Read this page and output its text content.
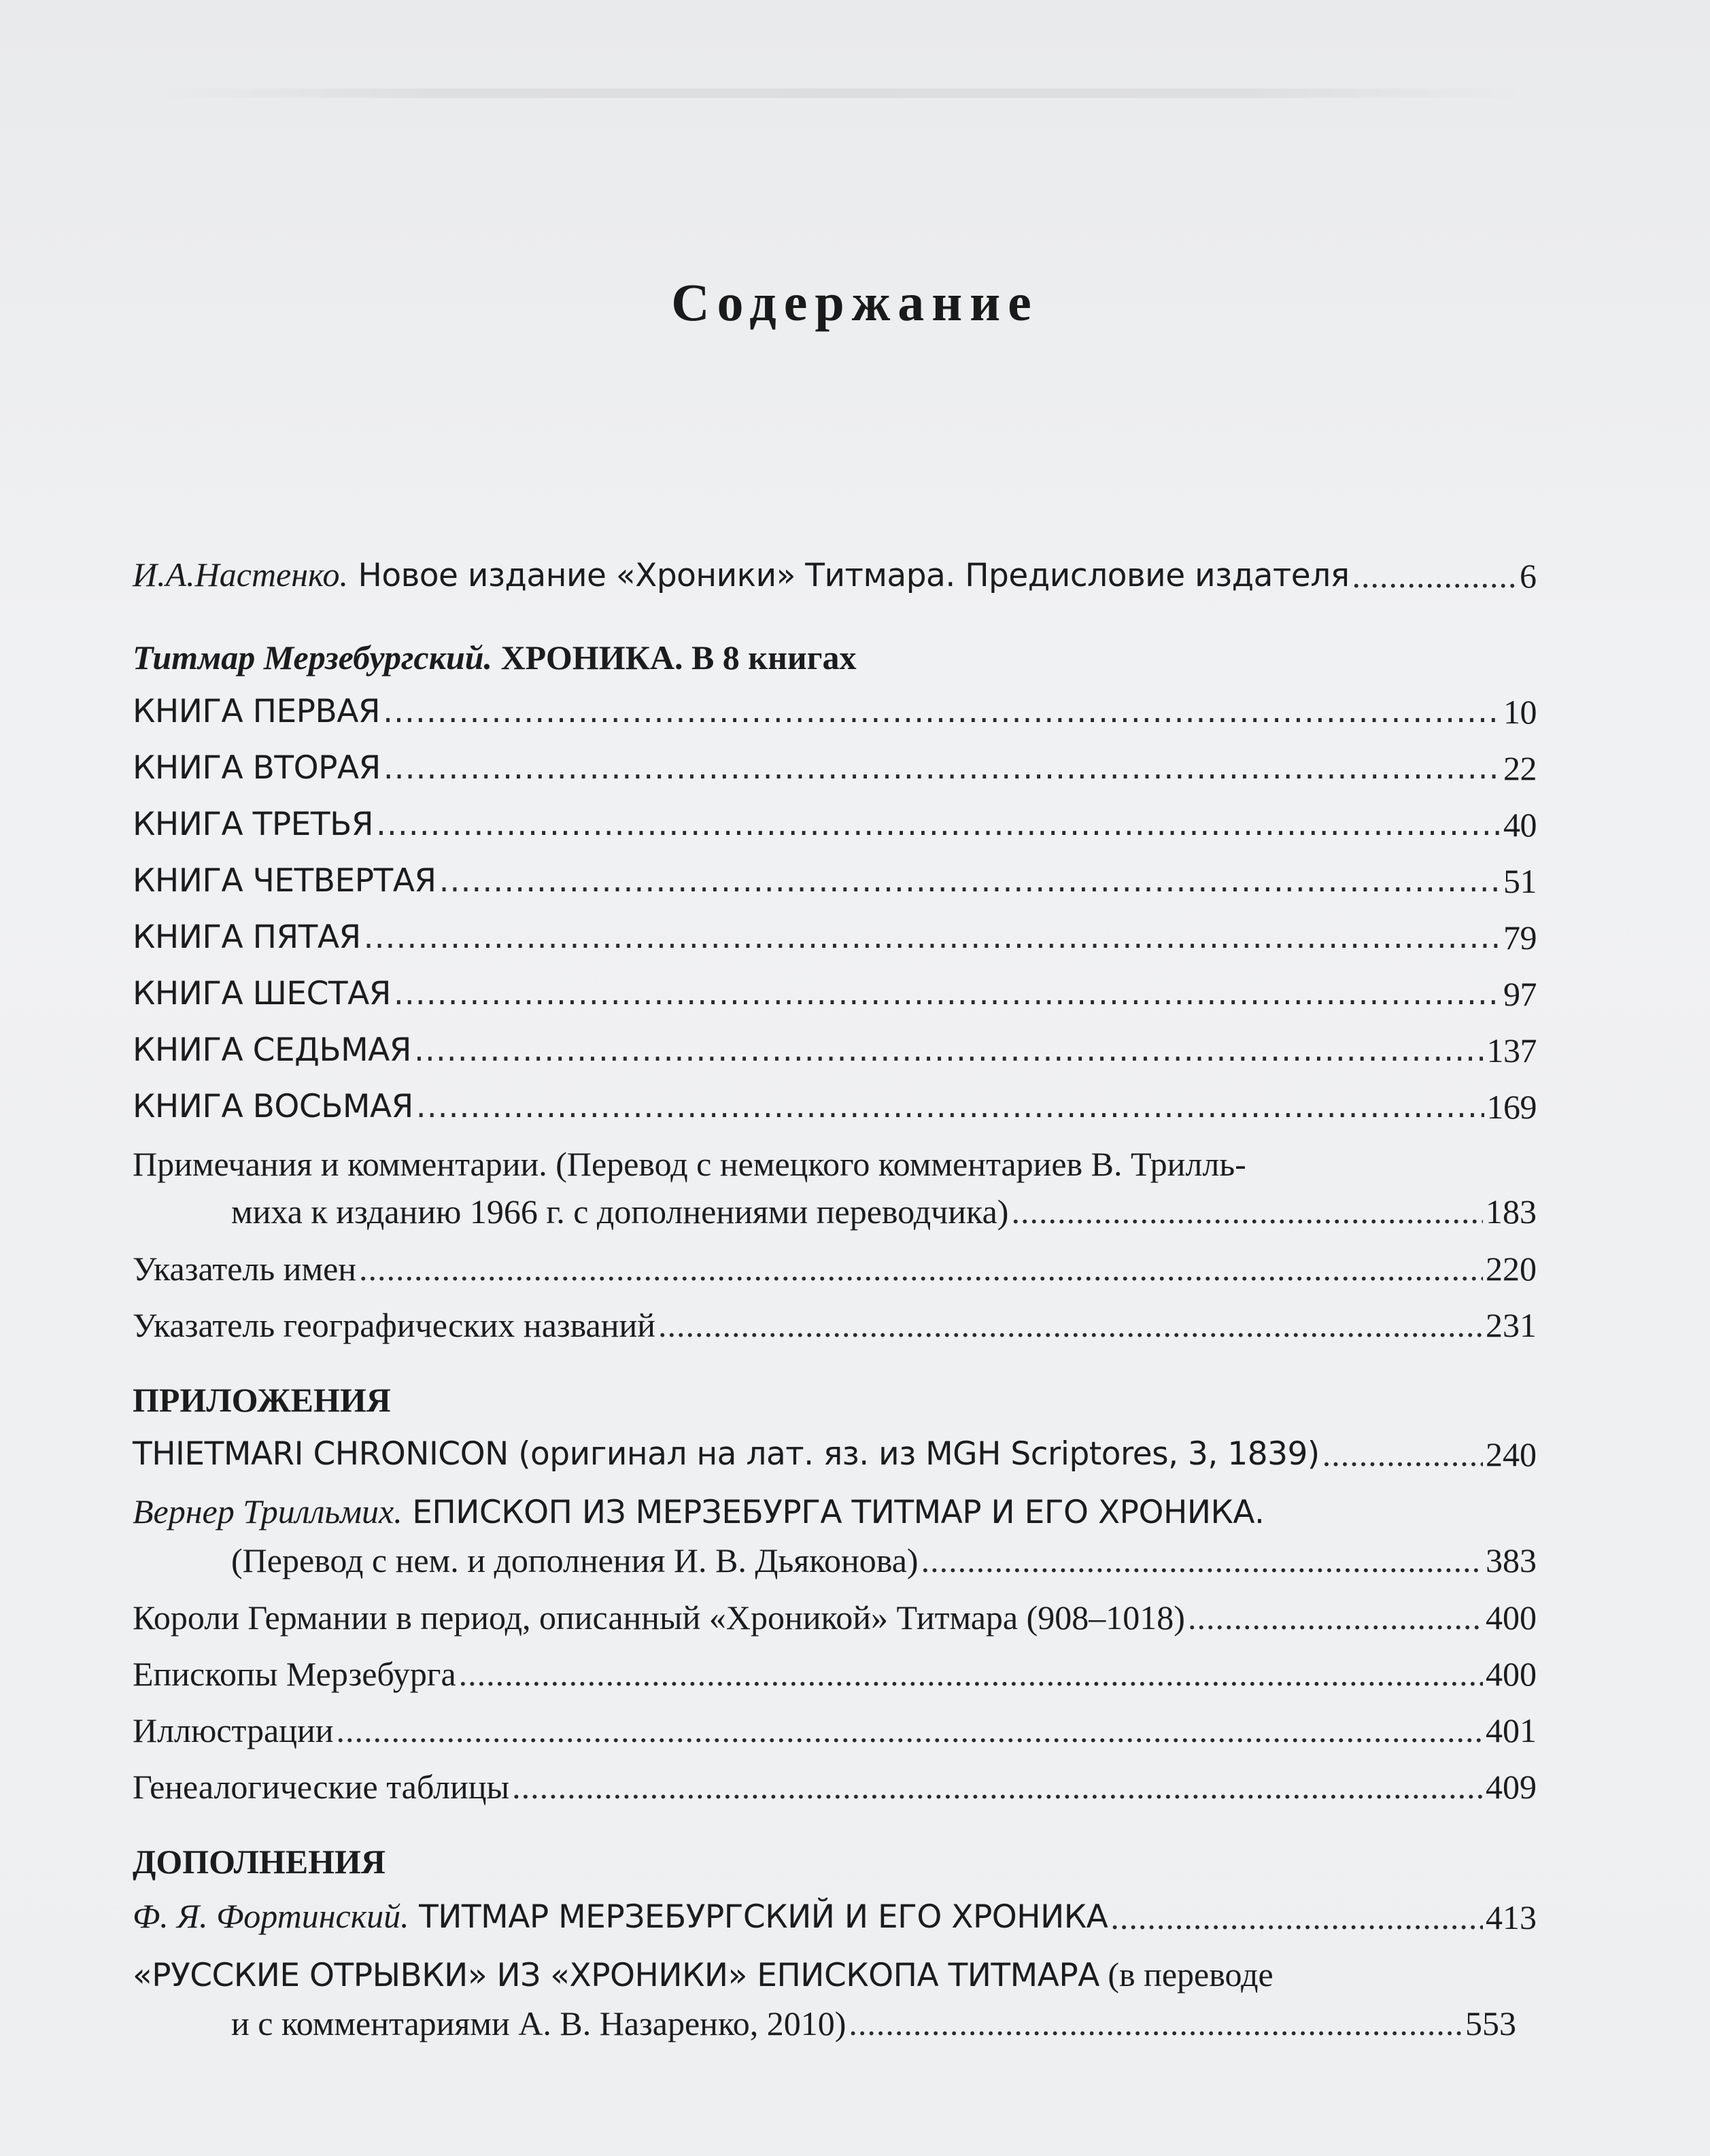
Содержание
И.А.Настенко. Новое издание «Хроники» Титмара. Предисловие издателя .....	6
Титмар Мерзебургский. ХРОНИКА. В 8 книгах
КНИГА ПЕРВАЯ .....	10
КНИГА ВТОРАЯ .....	22
КНИГА ТРЕТЬЯ .....	40
КНИГА ЧЕТВЕРТАЯ .....	51
КНИГА ПЯТАЯ .....	79
КНИГА ШЕСТАЯ .....	97
КНИГА СЕДЬМАЯ .....	137
КНИГА ВОСЬМАЯ .....	169
Примечания и комментарии. (Перевод с немецкого комментариев В. Трилль-
миха к изданию 1966 г. с дополнениями переводчика) .....	183
Указатель имен .....	220
Указатель географических названий .....	231
ПРИЛОЖЕНИЯ
THIETMARI CHRONICON (оригинал на лат. яз. из MGH Scriptores, 3, 1839) .....	240
Вернер Трилльмих. ЕПИСКОП ИЗ МЕРЗЕБУРГА ТИТМАР И ЕГО ХРОНИКА.
(Перевод с нем. и дополнения И. В. Дьяконова) .....	383
Короли Германии в период, описанный «Хроникой» Титмара (908–1018) .....	400
Епископы Мерзебурга .....	400
Иллюстрации .....	401
Генеалогические таблицы .....	409
ДОПОЛНЕНИЯ
Ф. Я. Фортинский. ТИТМАР МЕРЗЕБУРГСКИЙ И ЕГО ХРОНИКА .....	413
«РУССКИЕ ОТРЫВКИ» ИЗ «ХРОНИКИ» ЕПИСКОПА ТИТМАРА (в переводе
и с комментариями А. В. Назаренко, 2010) .....	553
